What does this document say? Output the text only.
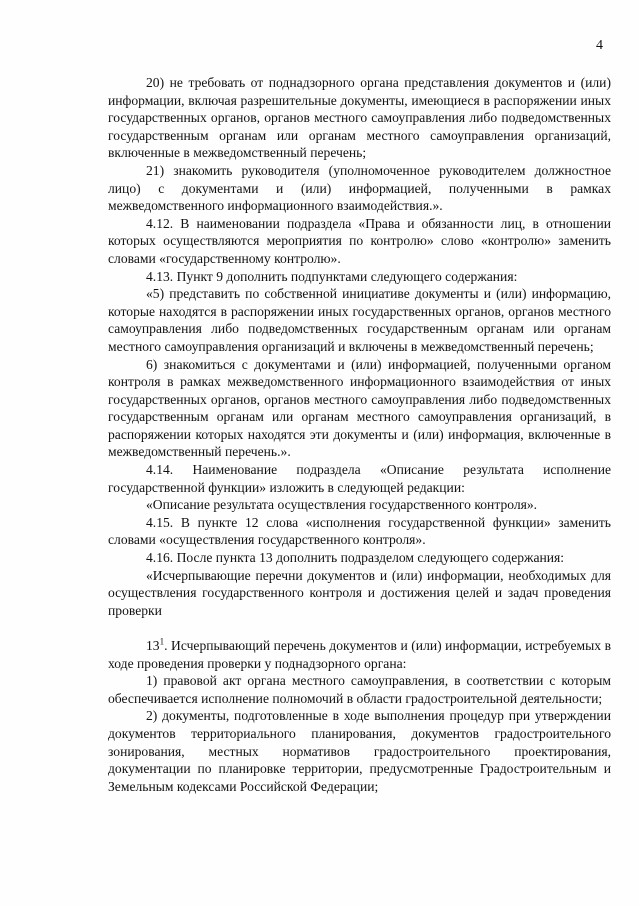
4

20) не требовать от поднадзорного органа представления документов и (или) информации, включая разрешительные документы, имеющиеся в распоряжении иных государственных органов, органов местного самоуправления либо подведомственных государственным органам или органам местного самоуправления организаций, включенные в межведомственный перечень;

21) знакомить руководителя (уполномоченное руководителем должностное лицо) с документами и (или) информацией, полученными в рамках межведомственного информационного взаимодействия.».

4.12. В наименовании подраздела «Права и обязанности лиц, в отношении которых осуществляются мероприятия по контролю» слово «контролю» заменить словами «государственному контролю».

4.13. Пункт 9 дополнить подпунктами следующего содержания:

«5) представить по собственной инициативе документы и (или) информацию, которые находятся в распоряжении иных государственных органов, органов местного самоуправления либо подведомственных государственным органам или органам местного самоуправления организаций и включены в межведомственный перечень;

6) знакомиться с документами и (или) информацией, полученными органом контроля в рамках межведомственного информационного взаимодействия от иных государственных органов, органов местного самоуправления либо подведомственных государственным органам или органам местного самоуправления организаций, в распоряжении которых находятся эти документы и (или) информация, включенные в межведомственный перечень.».

4.14. Наименование подраздела «Описание результата исполнение государственной функции» изложить в следующей редакции:

«Описание результата осуществления государственного контроля».

4.15. В пункте 12 слова «исполнения государственной функции» заменить словами «осуществления государственного контроля».

4.16. После пункта 13 дополнить подразделом следующего содержания:

«Исчерпывающие перечни документов и (или) информации, необходимых для осуществления государственного контроля и достижения целей и задач проведения проверки

$13^1$. Исчерпывающий перечень документов и (или) информации, истребуемых в ходе проведения проверки у поднадзорного органа:

1) правовой акт органа местного самоуправления, в соответствии с которым обеспечивается исполнение полномочий в области градостроительной деятельности;

2) документы, подготовленные в ходе выполнения процедур при утверждении документов территориального планирования, документов градостроительного зонирования, местных нормативов градостроительного проектирования, документации по планировке территории, предусмотренные Градостроительным и Земельным кодексами Российской Федерации;
